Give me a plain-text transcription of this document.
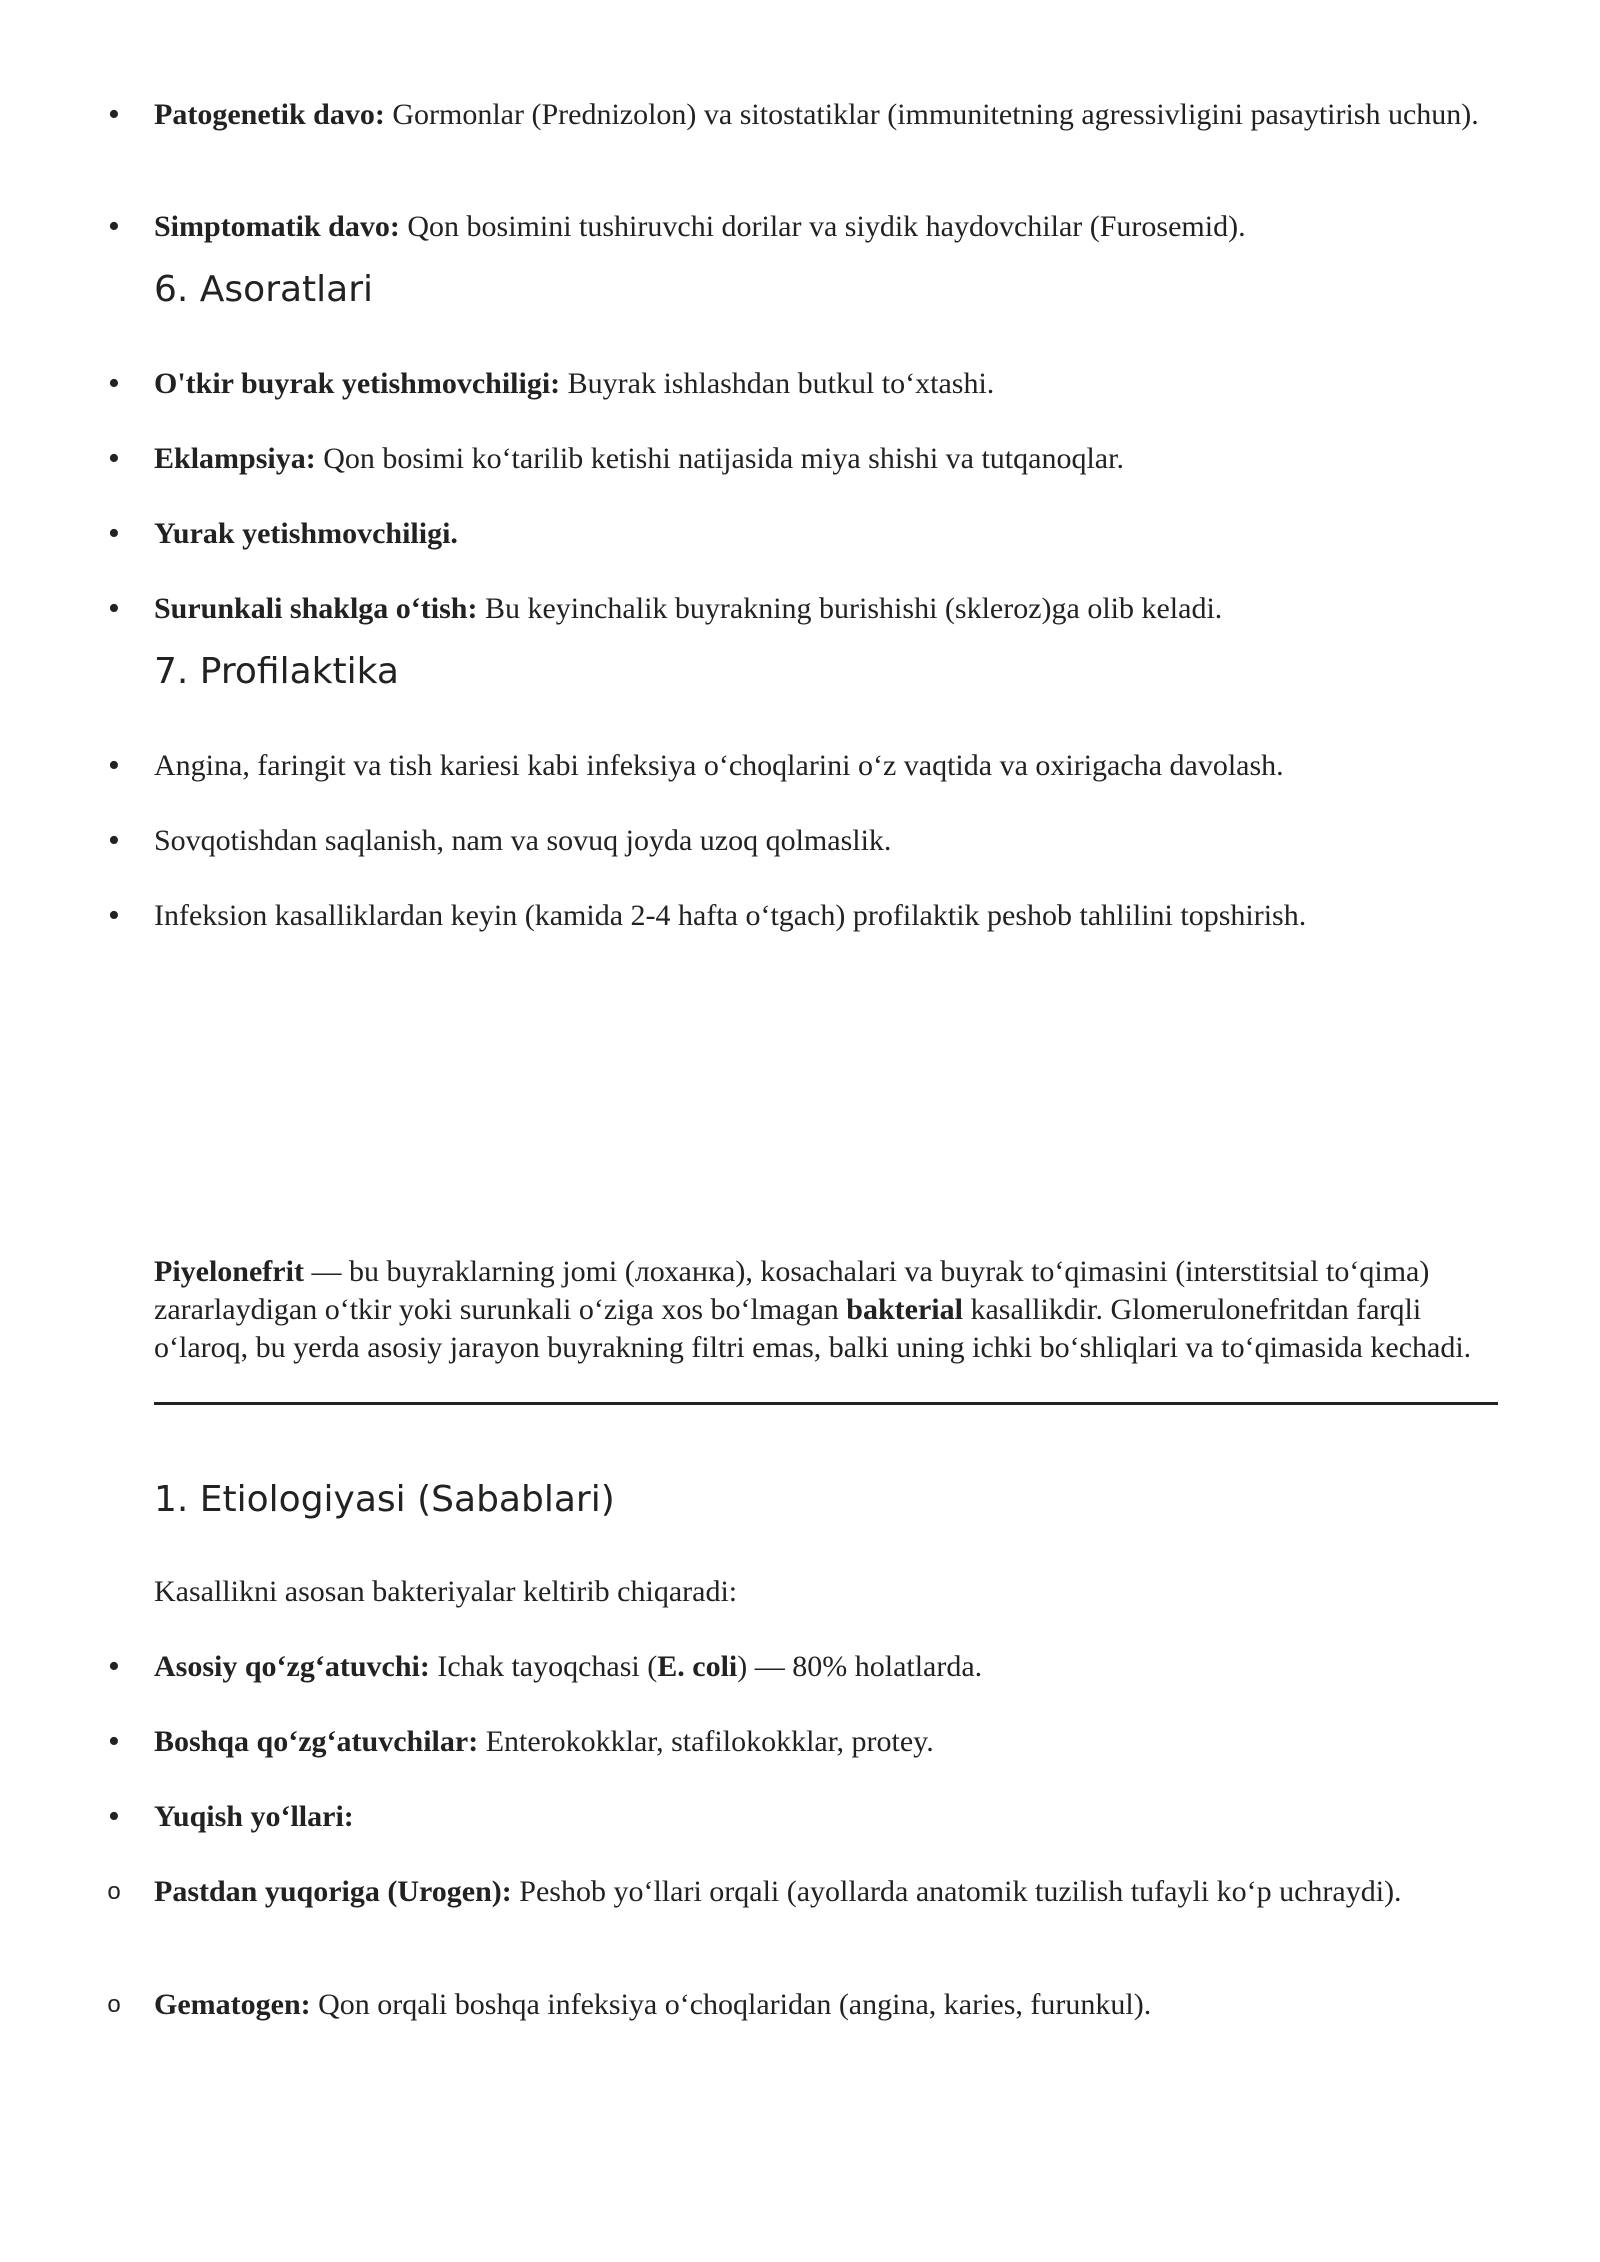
•
Patogenetik davo: Gormonlar (Prednizolon) va sitostatiklar (immunitetning agressivligini pasaytirish uchun).
•
Simptomatik davo: Qon bosimini tushiruvchi dorilar va siydik haydovchilar (Furosemid).
6. Asoratlari
•
O'tkir buyrak yetishmovchiligi: Buyrak ishlashdan butkul to‘xtashi.
•
Eklampsiya: Qon bosimi ko‘tarilib ketishi natijasida miya shishi va tutqanoqlar.
•
Yurak yetishmovchiligi.
•
Surunkali shaklga o‘tish: Bu keyinchalik buyrakning burishishi (skleroz)ga olib keladi.
7. Profilaktika
•
Angina, faringit va tish kariesi kabi infeksiya o‘choqlarini o‘z vaqtida va oxirigacha davolash.
•
Sovqotishdan saqlanish, nam va sovuq joyda uzoq qolmaslik.
•
Infeksion kasalliklardan keyin (kamida 2-4 hafta o‘tgach) profilaktik peshob tahlilini topshirish.

Piyelonefrit — bu buyraklarning jomi (лоханка), kosachalari va buyrak to‘qimasini (interstitsial to‘qima) zararlaydigan o‘tkir yoki surunkali o‘ziga xos bo‘lmagan bakterial kasallikdir. Glomerulonefritdan farqli o‘laroq, bu yerda asosiy jarayon buyrakning filtri emas, balki uning ichki bo‘shliqlari va to‘qimasida kechadi.

1. Etiologiyasi (Sabablari)

Kasallikni asosan bakteriyalar keltirib chiqaradi:

•
Asosiy qo‘zg‘atuvchi: Ichak tayoqchasi (E. coli) — 80% holatlarda.
•
Boshqa qo‘zg‘atuvchilar: Enterokokklar, stafilokokklar, protey.
•
Yuqish yo‘llari:
o Pastdan yuqoriga (Urogen): Peshob yo‘llari orqali (ayollarda anatomik tuzilish tufayli ko‘p uchraydi).
o Gematogen: Qon orqali boshqa infeksiya o‘choqlaridan (angina, karies, furunkul).
